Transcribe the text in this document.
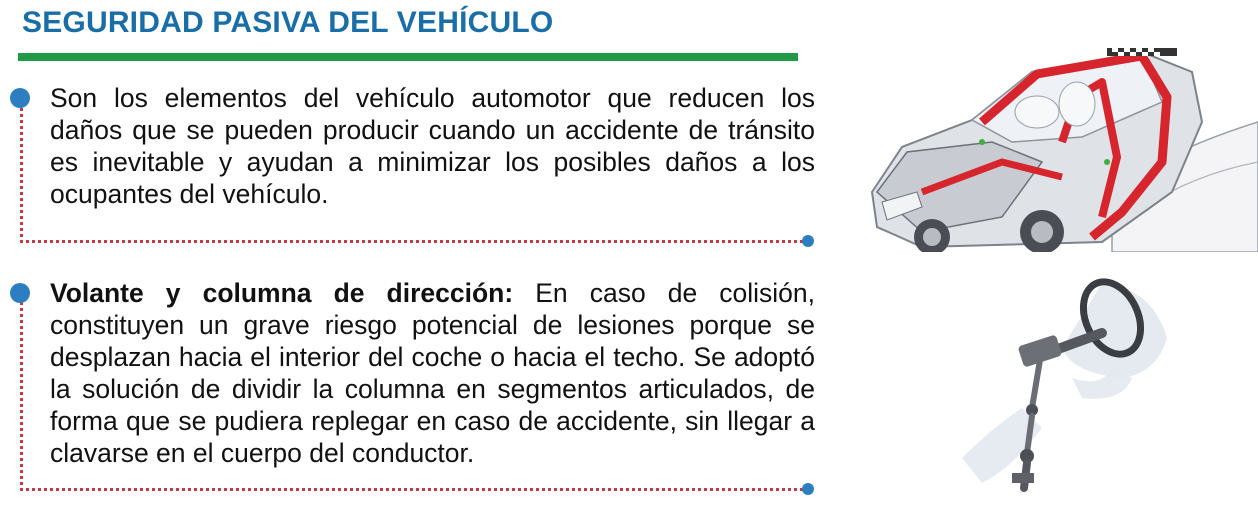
SEGURIDAD PASIVA DEL VEHÍCULO

Son los elementos del vehículo automotor que reducen los daños que se pueden producir cuando un accidente de tránsito es inevitable y ayudan a minimizar los posibles daños a los ocupantes del vehículo.

Volante y columna de dirección: En caso de colisión, constituyen un grave riesgo potencial de lesiones porque se desplazan hacia el interior del coche o hacia el techo. Se adoptó la solución de dividir la columna en segmentos articulados, de forma que se pudiera replegar en caso de accidente, sin llegar a clavarse en el cuerpo del conductor.
